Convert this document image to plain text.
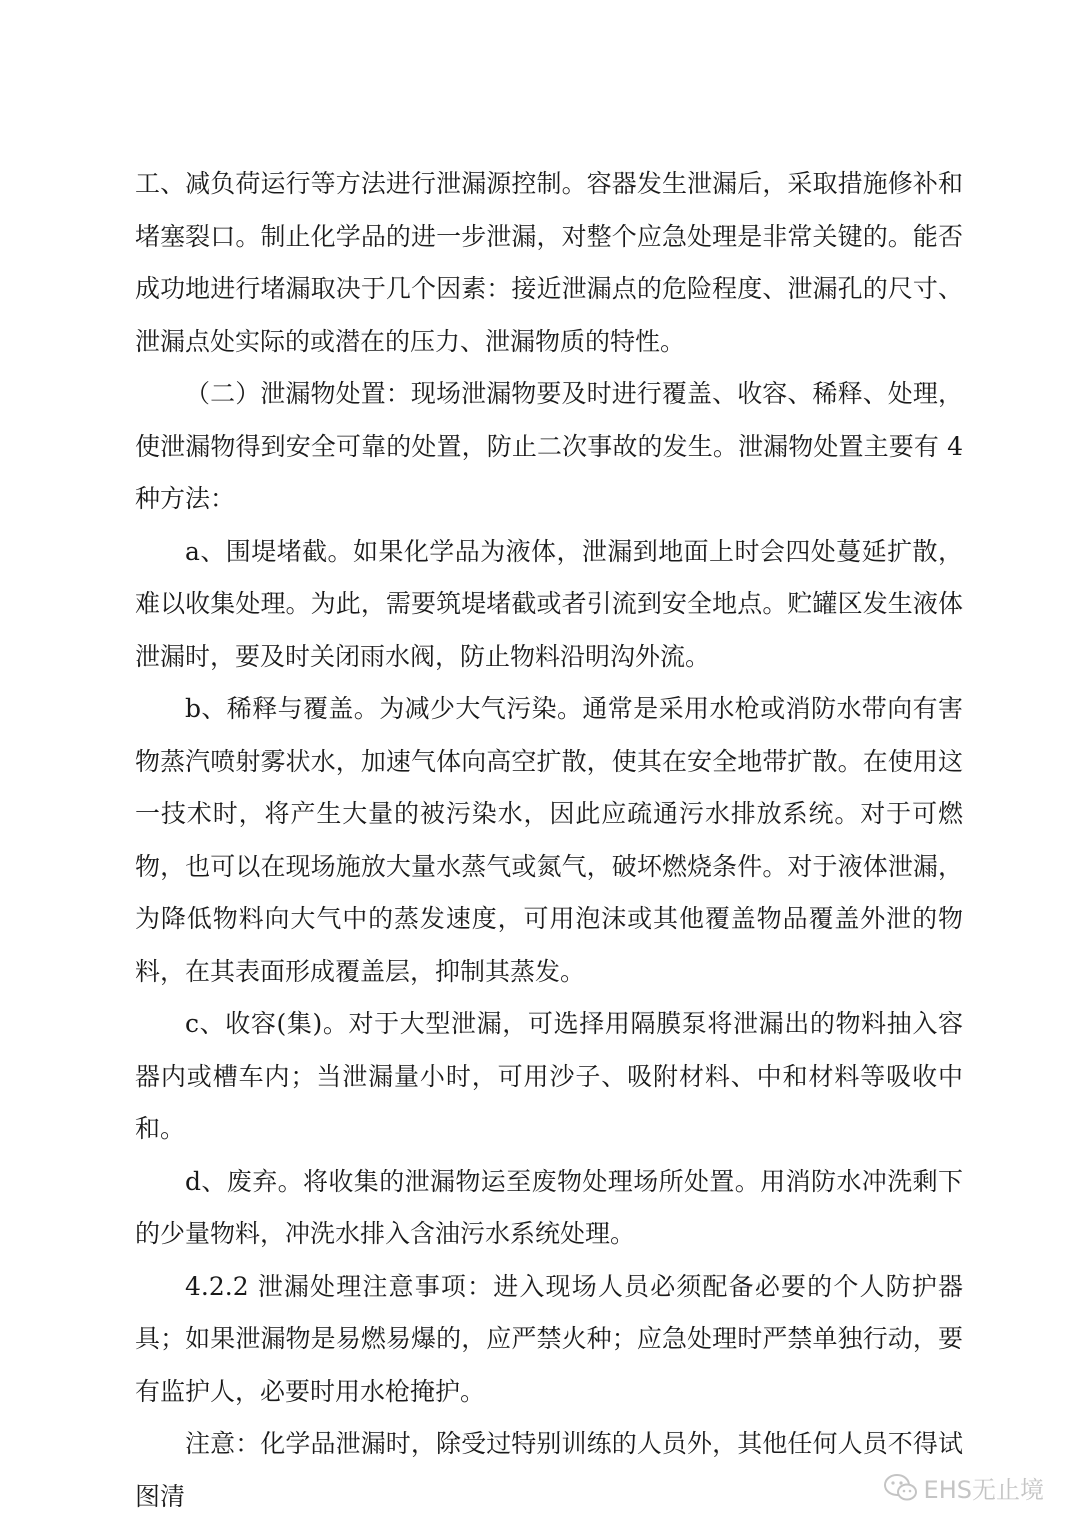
工、减负荷运行等方法进行泄漏源控制。容器发生泄漏后，采取措施修补和堵塞裂口。制止化学品的进一步泄漏，对整个应急处理是非常关键的。能否成功地进行堵漏取决于几个因素：接近泄漏点的危险程度、泄漏孔的尺寸、泄漏点处实际的或潜在的压力、泄漏物质的特性。

（二）泄漏物处置：现场泄漏物要及时进行覆盖、收容、稀释、处理，使泄漏物得到安全可靠的处置，防止二次事故的发生。泄漏物处置主要有 4 种方法：

a、围堤堵截。如果化学品为液体，泄漏到地面上时会四处蔓延扩散，难以收集处理。为此，需要筑堤堵截或者引流到安全地点。贮罐区发生液体泄漏时，要及时关闭雨水阀，防止物料沿明沟外流。

b、稀释与覆盖。为减少大气污染。通常是采用水枪或消防水带向有害物蒸汽喷射雾状水，加速气体向高空扩散，使其在安全地带扩散。在使用这一技术时，将产生大量的被污染水，因此应疏通污水排放系统。对于可燃物，也可以在现场施放大量水蒸气或氮气，破坏燃烧条件。对于液体泄漏，为降低物料向大气中的蒸发速度，可用泡沫或其他覆盖物品覆盖外泄的物料，在其表面形成覆盖层，抑制其蒸发。

c、收容(集)。对于大型泄漏，可选择用隔膜泵将泄漏出的物料抽入容器内或槽车内；当泄漏量小时，可用沙子、吸附材料、中和材料等吸收中和。

d、废弃。将收集的泄漏物运至废物处理场所处置。用消防水冲洗剩下的少量物料，冲洗水排入含油污水系统处理。

4.2.2 泄漏处理注意事项：进入现场人员必须配备必要的个人防护器具；如果泄漏物是易燃易爆的，应严禁火种；应急处理时严禁单独行动，要有监护人，必要时用水枪掩护。

注意：化学品泄漏时，除受过特别训练的人员外，其他任何人员不得试图清	EHS无止境
